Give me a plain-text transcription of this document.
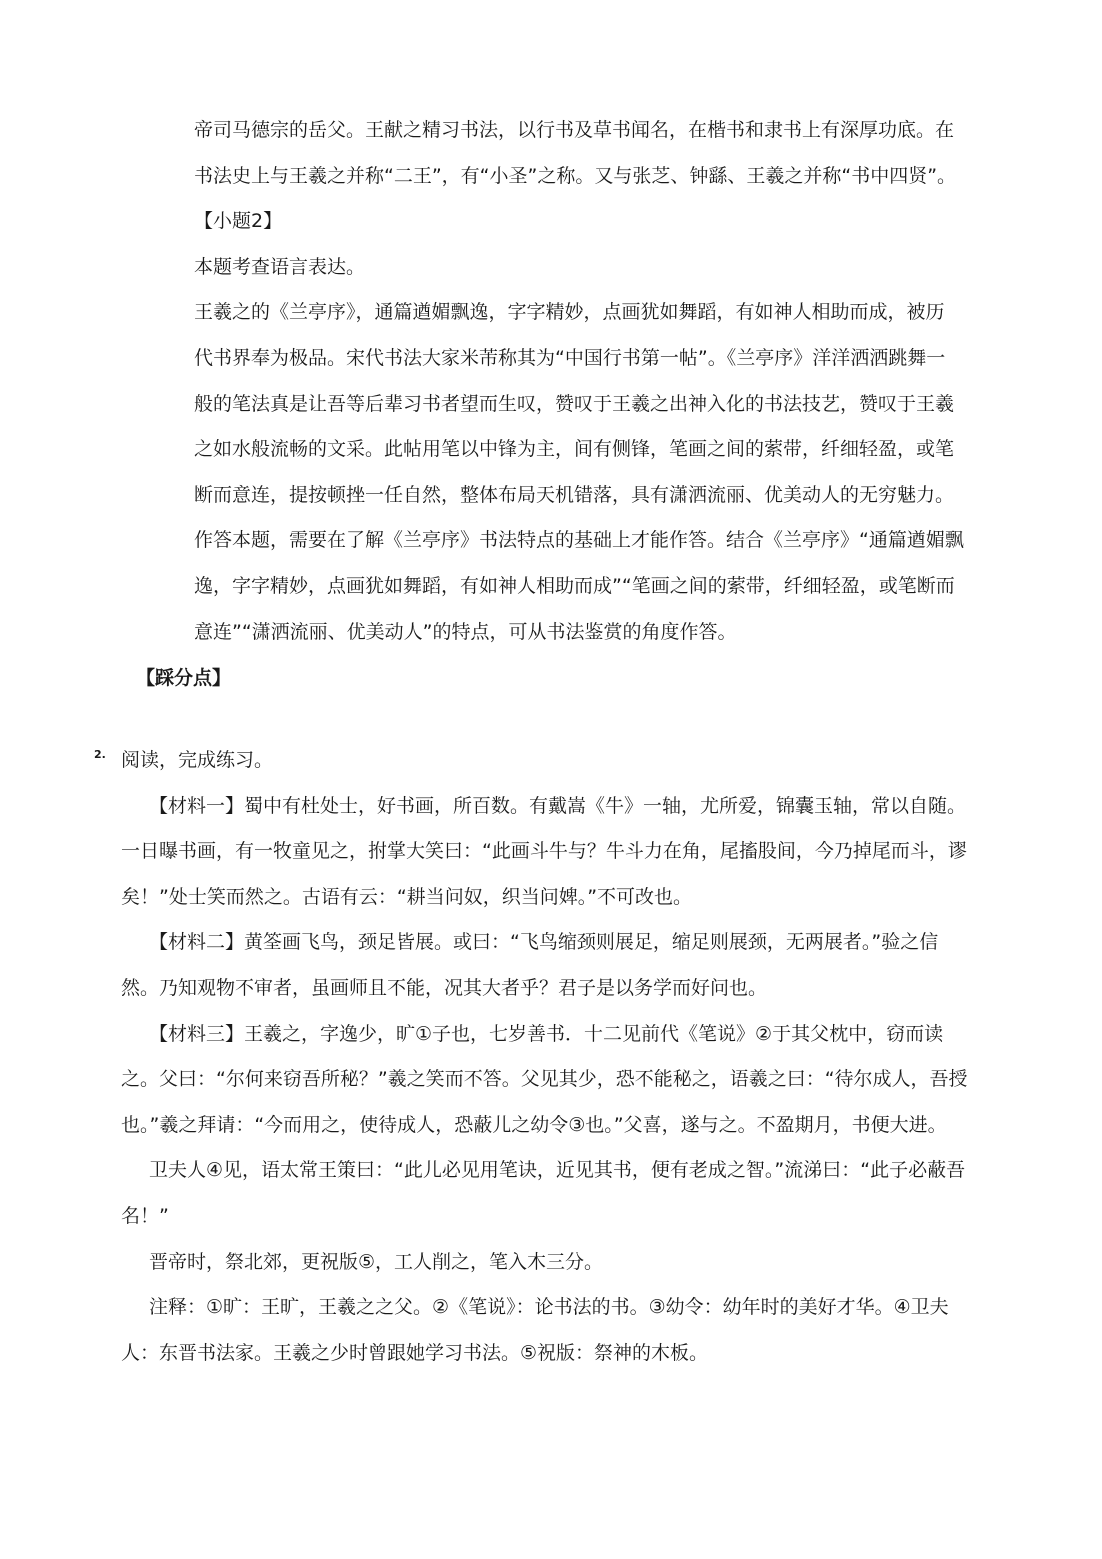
帝司马德宗的岳父。王献之精习书法，以行书及草书闻名，在楷书和隶书上有深厚功底。在

书法史上与王羲之并称“二王”，有“小圣”之称。又与张芝、钟繇、王羲之并称“书中四贤”。

【小题2】

本题考查语言表达。

王羲之的《兰亭序》，通篇遒媚飘逸，字字精妙，点画犹如舞蹈，有如神人相助而成，被历

代书界奉为极品。宋代书法大家米芾称其为“中国行书第一帖”。《兰亭序》洋洋洒洒跳舞一

般的笔法真是让吾等后辈习书者望而生叹，赞叹于王羲之出神入化的书法技艺，赞叹于王羲

之如水般流畅的文采。此帖用笔以中锋为主，间有侧锋，笔画之间的萦带，纤细轻盈，或笔

断而意连，提按顿挫一任自然，整体布局天机错落，具有潇洒流丽、优美动人的无穷魅力。

作答本题，需要在了解《兰亭序》书法特点的基础上才能作答。结合《兰亭序》“通篇遒媚飘

逸，字字精妙，点画犹如舞蹈，有如神人相助而成”“笔画之间的萦带，纤细轻盈，或笔断而

意连”“潇洒流丽、优美动人”的特点，可从书法鉴赏的角度作答。

【踩分点】
2. 阅读，完成练习。

【材料一】蜀中有杜处士，好书画，所百数。有戴嵩《牛》一轴，尤所爱，锦囊玉轴，常以自随。

一日曝书画，有一牧童见之，拊掌大笑曰：“此画斗牛与？牛斗力在角，尾搐股间，今乃掉尾而斗，谬

矣！”处士笑而然之。古语有云：“耕当问奴，织当问婢。”不可改也。

【材料二】黄筌画飞鸟，颈足皆展。或曰：“飞鸟缩颈则展足，缩足则展颈，无两展者。”验之信

然。乃知观物不审者，虽画师且不能，况其大者乎？君子是以务学而好问也。

【材料三】王羲之，字逸少，旷①子也，七岁善书．十二见前代《笔说》②于其父枕中，窃而读

之。父曰：“尔何来窃吾所秘？”羲之笑而不答。父见其少，恐不能秘之，语羲之曰：“待尔成人，吾授

也。”羲之拜请：“今而用之，使待成人，恐蔽儿之幼令③也。”父喜，遂与之。不盈期月，书便大进。

卫夫人④见，语太常王策曰：“此儿必见用笔诀，近见其书，便有老成之智。”流涕曰：“此子必蔽吾

名！”

晋帝时，祭北郊，更祝版⑤，工人削之，笔入木三分。

注释：①旷：王旷，王羲之之父。②《笔说》：论书法的书。③幼令：幼年时的美好才华。④卫夫

人：东晋书法家。王羲之少时曾跟她学习书法。⑤祝版：祭神的木板。
